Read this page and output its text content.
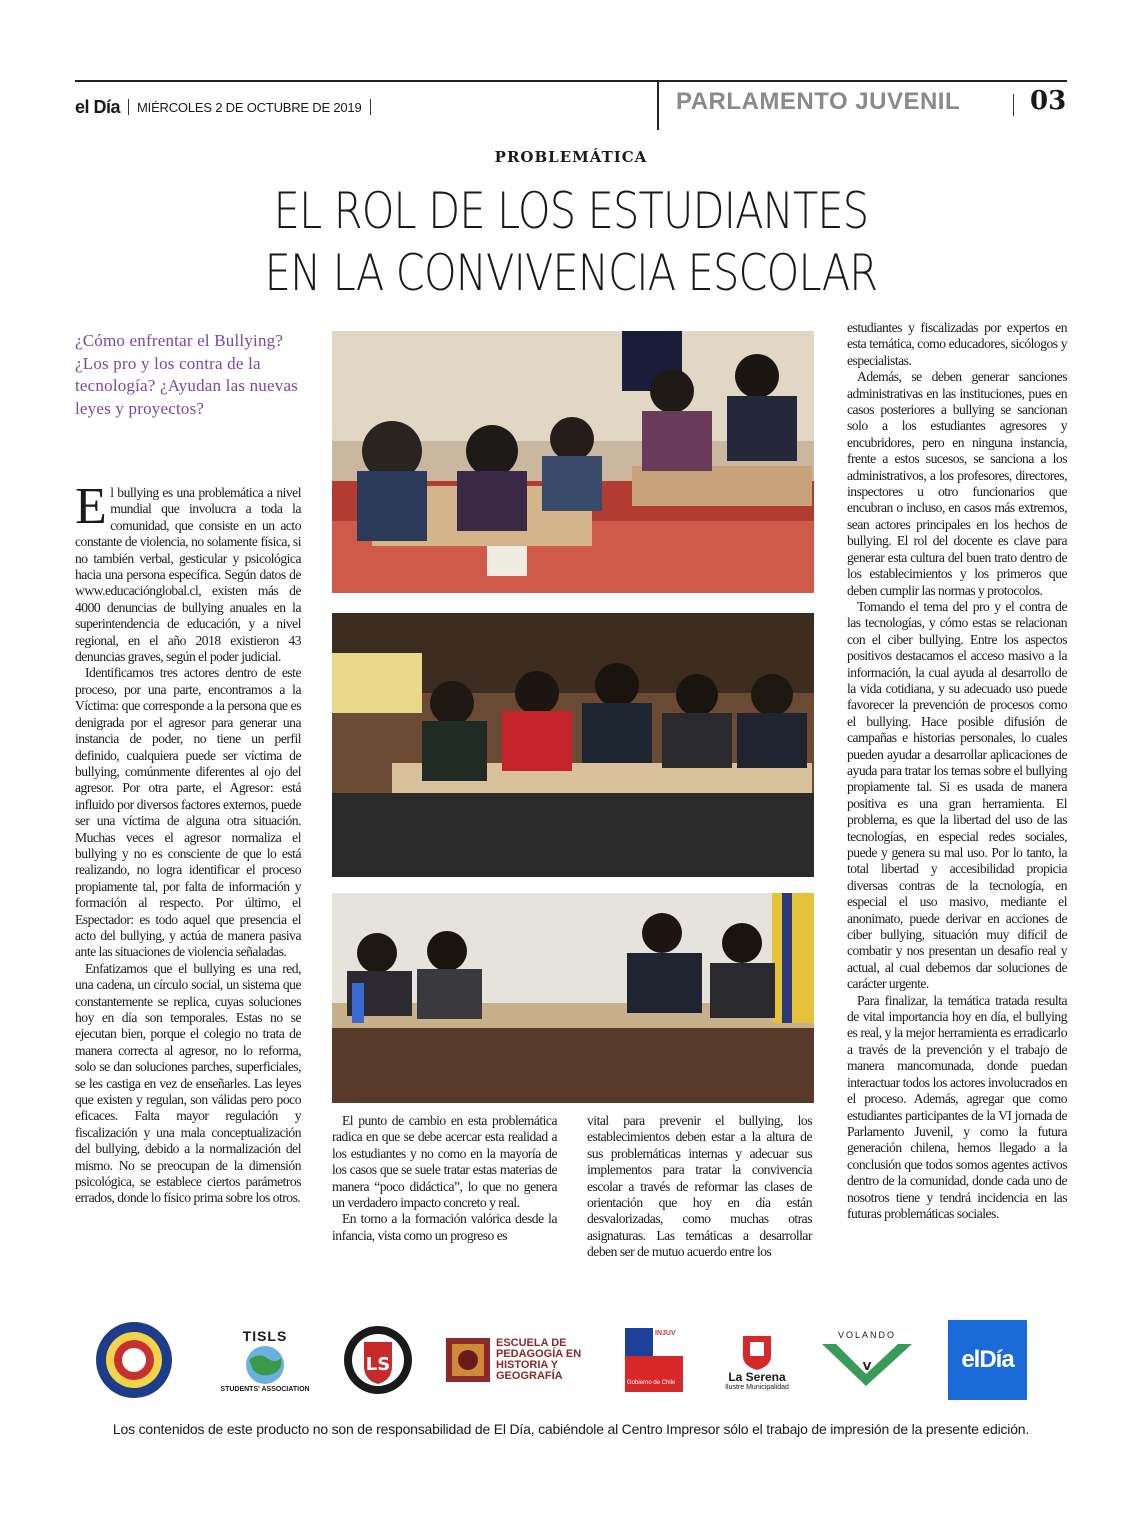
el Día MIÉRCOLES 2 DE OCTUBRE DE 2019	PARLAMENTO JUVENIL	03
PROBLEMÁTICA
EL ROL DE LOS ESTUDIANTES
EN LA CONVIVENCIA ESCOLAR
¿Cómo enfrentar el Bullying? ¿Los pro y los contra de la tecnología? ¿Ayudan las nuevas leyes y proyectos?

El bullying es una problemática a nivel mundial que involucra a toda la comunidad, que consiste en un acto constante de violencia, no solamente física, si no también verbal, gesticular y psicológica hacia una persona específica. Según datos de www.educaciónglobal.cl, existen más de 4000 denuncias de bullying anuales en la superintendencia de educación, y a nivel regional, en el año 2018 existieron 43 denuncias graves, según el poder judicial.

Identificamos tres actores dentro de este proceso, por una parte, encontramos a la Víctima: que corresponde a la persona que es denigrada por el agresor para generar una instancia de poder, no tiene un perfil definido, cualquiera puede ser víctima de bullying, comúnmente diferentes al ojo del agresor. Por otra parte, el Agresor: está influido por diversos factores externos, puede ser una víctima de alguna otra situación. Muchas veces el agresor normaliza el bullying y no es consciente de que lo está realizando, no logra identificar el proceso propiamente tal, por falta de información y formación al respecto. Por último, el Espectador: es todo aquel que presencia el acto del bullying, y actúa de manera pasiva ante las situaciones de violencia señaladas.

Enfatizamos que el bullying es una red, una cadena, un círculo social, un sistema que constantemente se replica, cuyas soluciones hoy en día son temporales. Estas no se ejecutan bien, porque el colegio no trata de manera correcta al agresor, no lo reforma, solo se dan soluciones parches, superficiales, se les castiga en vez de enseñarles. Las leyes que existen y regulan, son válidas pero poco eficaces. Falta mayor regulación y fiscalización y una mala conceptualización del bullying, debido a la normalización del mismo. No se preocupan de la dimensión psicológica, se establece ciertos parámetros errados, donde lo físico prima sobre los otros.

El punto de cambio en esta problemática radica en que se debe acercar esta realidad a los estudiantes y no como en la mayoría de los casos que se suele tratar estas materias de manera “poco didáctica”, lo que no genera un verdadero impacto concreto y real.

En torno a la formación valórica desde la infancia, vista como un progreso es

vital para prevenir el bullying, los establecimientos deben estar a la altura de sus problemáticas internas y adecuar sus implementos para tratar la convivencia escolar a través de reformar las clases de orientación que hoy en día están desvalorizadas, como muchas otras asignaturas. Las temáticas a desarrollar deben ser de mutuo acuerdo entre los

estudiantes y fiscalizadas por expertos en esta temática, como educadores, sicólogos y especialistas.

Además, se deben generar sanciones administrativas en las instituciones, pues en casos posteriores a bullying se sancionan solo a los estudiantes agresores y encubridores, pero en ninguna instancia, frente a estos sucesos, se sanciona a los administrativos, a los profesores, directores, inspectores u otro funcionarios que encubran o incluso, en casos más extremos, sean actores principales en los hechos de bullying. El rol del docente es clave para generar esta cultura del buen trato dentro de los establecimientos y los primeros que deben cumplir las normas y protocolos.

Tomando el tema del pro y el contra de las tecnologías, y cómo estas se relacionan con el ciber bullying. Entre los aspectos positivos destacamos el acceso masivo a la información, la cual ayuda al desarrollo de la vida cotidiana, y su adecuado uso puede favorecer la prevención de procesos como el bullying. Hace posible difusión de campañas e historias personales, lo cuales pueden ayudar a desarrollar aplicaciones de ayuda para tratar los temas sobre el bullying propiamente tal. Si es usada de manera positiva es una gran herramienta. El problema, es que la libertad del uso de las tecnologías, en especial redes sociales, puede y genera su mal uso. Por lo tanto, la total libertad y accesibilidad propicia diversas contras de la tecnología, en especial el uso masivo, mediante el anonimato, puede derivar en acciones de ciber bullying, situación muy difícil de combatir y nos presentan un desafío real y actual, al cual debemos dar soluciones de carácter urgente.

Para finalizar, la temática tratada resulta de vital importancia hoy en día, el bullying es real, y la mejor herramienta es erradicarlo a través de la prevención y el trabajo de manera mancomunada, donde puedan interactuar todos los actores involucrados en el proceso. Además, agregar que como estudiantes participantes de la VI jornada de Parlamento Juvenil, y como la futura generación chilena, hemos llegado a la conclusión que todos somos agentes activos dentro de la comunidad, donde cada uno de nosotros tiene y tendrá incidencia en las futuras problemáticas sociales.

TISLS
STUDENTS' ASSOCIATION
LS
ESCUELA DE PEDAGOGÍA EN HISTORIA Y GEOGRAFÍA
INJUV
Gobierno de Chile	La Serena
Ilustre Municipalidad
VOLANDO
V	elDía
Los contenidos de este producto no son de responsabilidad de El Día, cabiéndole al Centro Impresor sólo el trabajo de impresión de la presente edición.
